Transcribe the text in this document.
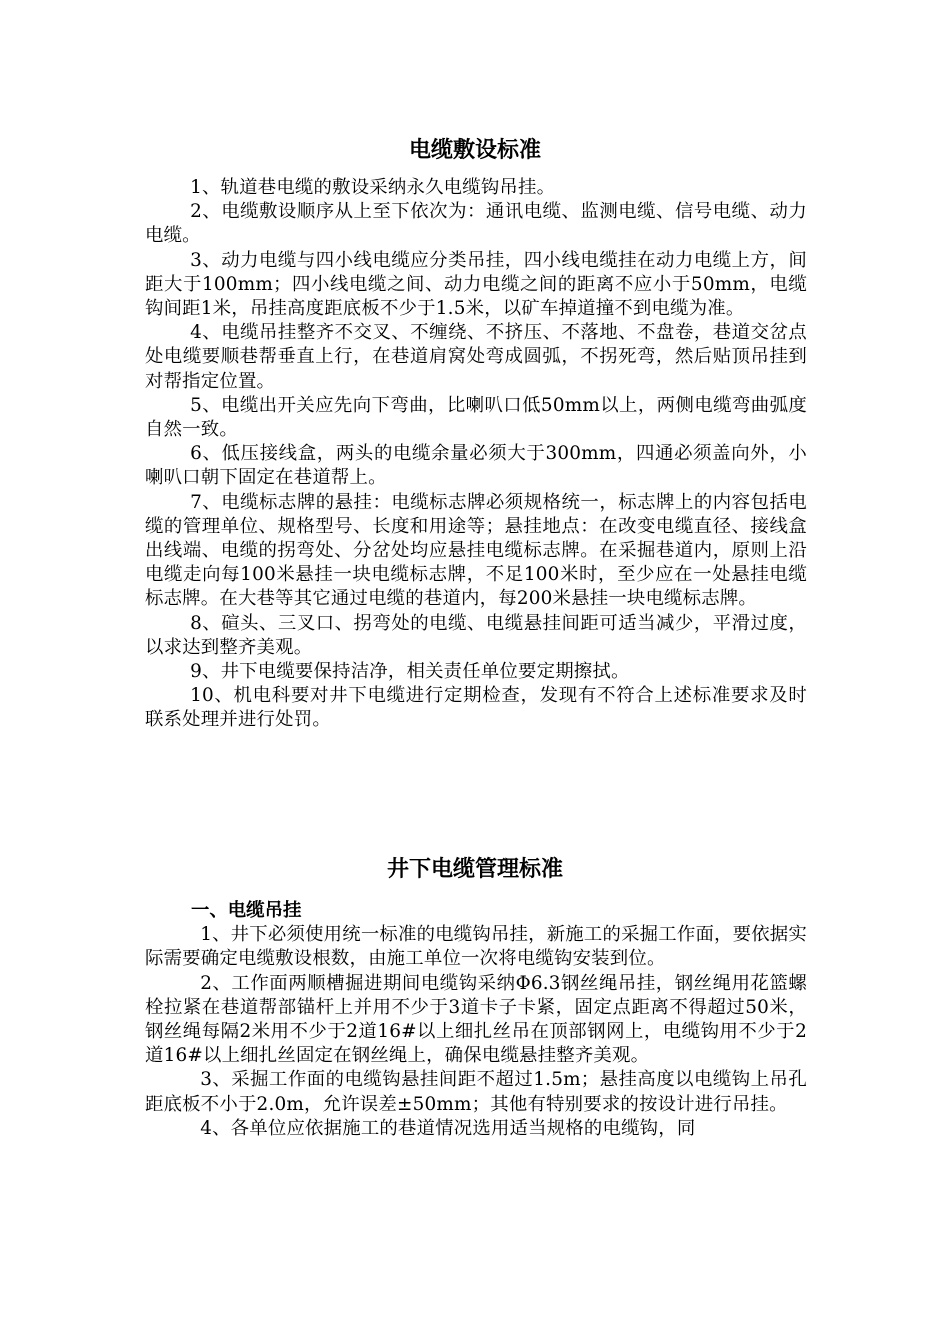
电缆敷设标准

1、轨道巷电缆的敷设采纳永久电缆钩吊挂。

2、电缆敷设顺序从上至下依次为：通讯电缆、监测电缆、信号电缆、动力电缆。

3、动力电缆与四小线电缆应分类吊挂，四小线电缆挂在动力电缆上方，间距大于100mm；四小线电缆之间、动力电缆之间的距离不应小于50mm，电缆钩间距1米，吊挂高度距底板不少于1.5米，以矿车掉道撞不到电缆为准。

4、电缆吊挂整齐不交叉、不缠绕、不挤压、不落地、不盘卷，巷道交岔点处电缆要顺巷帮垂直上行，在巷道肩窝处弯成圆弧，不拐死弯，然后贴顶吊挂到对帮指定位置。

5、电缆出开关应先向下弯曲，比喇叭口低50mm以上，两侧电缆弯曲弧度自然一致。

6、低压接线盒，两头的电缆余量必须大于300mm，四通必须盖向外，小喇叭口朝下固定在巷道帮上。

7、电缆标志牌的悬挂：电缆标志牌必须规格统一，标志牌上的内容包括电缆的管理单位、规格型号、长度和用途等；悬挂地点：在改变电缆直径、接线盒出线端、电缆的拐弯处、分岔处均应悬挂电缆标志牌。在采掘巷道内，原则上沿电缆走向每100米悬挂一块电缆标志牌，不足100米时，至少应在一处悬挂电缆标志牌。在大巷等其它通过电缆的巷道内，每200米悬挂一块电缆标志牌。

8、碹头、三叉口、拐弯处的电缆、电缆悬挂间距可适当减少，平滑过度，以求达到整齐美观。

9、井下电缆要保持洁净，相关责任单位要定期擦拭。

10、机电科要对井下电缆进行定期检查，发现有不符合上述标准要求及时联系处理并进行处罚。

井下电缆管理标准

一、电缆吊挂

1、井下必须使用统一标准的电缆钩吊挂，新施工的采掘工作面，要依据实际需要确定电缆敷设根数，由施工单位一次将电缆钩安装到位。

2、工作面两顺槽掘进期间电缆钩采纳Φ6.3钢丝绳吊挂，钢丝绳用花篮螺栓拉紧在巷道帮部锚杆上并用不少于3道卡子卡紧，固定点距离不得超过50米，钢丝绳每隔2米用不少于2道16#以上细扎丝吊在顶部钢网上，电缆钩用不少于2道16#以上细扎丝固定在钢丝绳上，确保电缆悬挂整齐美观。

3、采掘工作面的电缆钩悬挂间距不超过1.5m；悬挂高度以电缆钩上吊孔距底板不小于2.0m，允许误差±50mm；其他有特别要求的按设计进行吊挂。

4、各单位应依据施工的巷道情况选用适当规格的电缆钩，同
